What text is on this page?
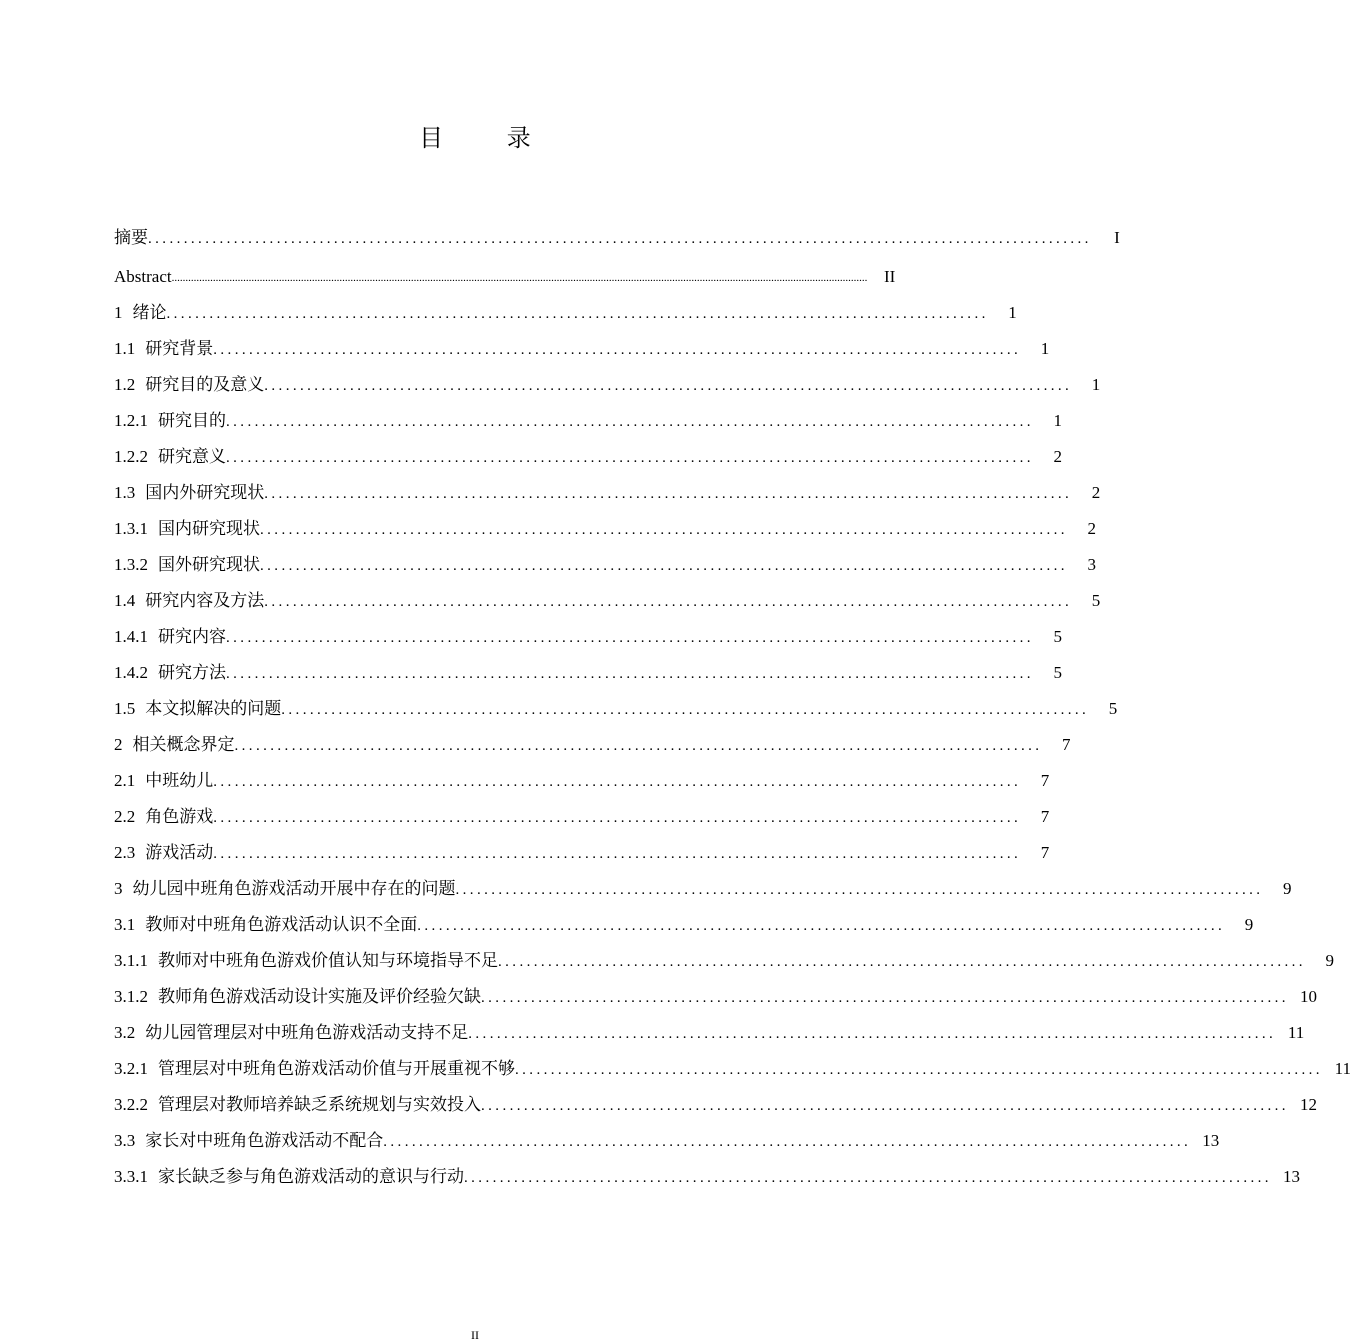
目 录
摘要 ....................................................................................................................................	I
Abstract ............................................................................................................................................................................................................................................................. II
1 绪论 ...................................................................................................................	1
1.1 研究背景 .................................................................................................................	1
1.2 研究目的及意义 .................................................................................................................	1
1.2.1 研究目的 .................................................................................................................	1
1.2.2 研究意义 .................................................................................................................	2
1.3 国内外研究现状 .................................................................................................................	2
1.3.1 国内研究现状 .................................................................................................................	2
1.3.2 国外研究现状 .................................................................................................................	3
1.4 研究内容及方法 .................................................................................................................	5
1.4.1 研究内容 .................................................................................................................	5
1.4.2 研究方法 .................................................................................................................	5
1.5 本文拟解决的问题 .................................................................................................................	5
2 相关概念界定 .................................................................................................................	7
2.1 中班幼儿 .................................................................................................................	7
2.2 角色游戏 .................................................................................................................	7
2.3 游戏活动 .................................................................................................................	7
3 幼儿园中班角色游戏活动开展中存在的问题 .................................................................................................................	9
3.1 教师对中班角色游戏活动认识不全面 .................................................................................................................	9
3.1.1 教师对中班角色游戏价值认知与环境指导不足 .................................................................................................................	9
3.1.2 教师角色游戏活动设计实施及评价经验欠缺 ................................................................................................................. 10
3.2 幼儿园管理层对中班角色游戏活动支持不足 ................................................................................................................. 11
3.2.1 管理层对中班角色游戏活动价值与开展重视不够 ................................................................................................................. 11
3.2.2 管理层对教师培养缺乏系统规划与实效投入 ................................................................................................................. 12
3.3 家长对中班角色游戏活动不配合 ................................................................................................................. 13
3.3.1 家长缺乏参与角色游戏活动的意识与行动 ................................................................................................................. 13
II
